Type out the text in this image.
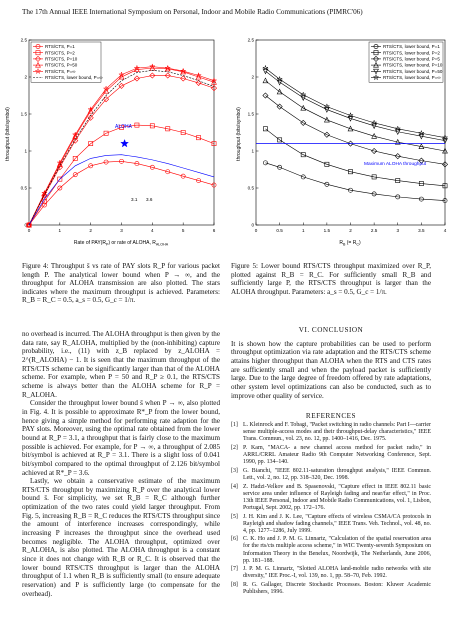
The 17th Annual IEEE International Symposium on Personal, Indoor and Mobile Radio Communications (PIMRC'06)
0	1	2	3	4	5	6
0
0.5
1
1.5
2
2.5
RTS/CTS, P=1
RTS/CTS, P=2
RTS/CTS, P=10
RTS/CTS, P=50
RTS/CTS, P=∞
RTS/CTS, lower bound, P=∞
throughput (bits/symbol)
Rate of $PAY(R_P)$ or rate of ALOHA, $R_{ALOHA}$
ALOHA
3.1 3.6
0	0.5	1	1.5	2	2.5	3	3.5	4
0
0.5
1
1.5
2
2.5
RTS/CTS, lower bound, P=1
RTS/CTS, lower bound, P=2
RTS/CTS, lower bound, P=5
RTS/CTS, lower bound, P=10
RTS/CTS, lower bound, P=50
RTS/CTS, lower bound, P=∞
throughput (bits/symbol)
$R_B$ (= $R_C$)
Maximum ALOHA throughput
Figure 4: Throughput s̄ vs rate of PAY slots R_P for various packet length P. The analytical lower bound when P → ∞, and the throughput for ALOHA transmission are also plotted. The stars indicates where the maximum throughput is achieved. Parameters: R_B = R_C = 0.5, a_s = 0.5, G_c = 1/π.
Figure 5: Lower bound RTS/CTS throughput maximized over R_P, plotted against R_B = R_C. For sufficiently small R_B and sufficiently large P, the RTS/CTS throughput is larger than the ALOHA throughput. Parameters: a_s = 0.5, G_c = 1/π.

no overhead is incurred. The ALOHA throughput is then given by the data rate, say R_ALOHA, multiplied by the (non-inhibiting) capture probability, i.e., (11) with z_B replaced by z_ALOHA = 2^(R_ALOHA) − 1. It is seen that the maximum throughput of the RTS/CTS scheme can be significantly larger than that of the ALOHA scheme. For example, when P = 50 and R_P ≥ 0.1, the RTS/CTS scheme is always better than the ALOHA scheme for R_P = R_ALOHA.

Consider the throughput lower bound s̄ when P → ∞, also plotted in Fig. 4. It is possible to approximate R*_P from the lower bound, hence giving a simple method for performing rate adaption for the PAY slots. Moreover, using the optimal rate obtained from the lower bound at R_P = 3.1, a throughput that is fairly close to the maximum possible is achieved. For example, for P → ∞, a throughput of 2.085 bit/symbol is achieved at R_P = 3.1. There is a slight loss of 0.041 bit/symbol compared to the optimal throughput of 2.126 bit/symbol achieved at R*_P = 3.6.

Lastly, we obtain a conservative estimate of the maximum RTS/CTS throughput by maximizing R_P over the analytical lower bound s̄. For simplicity, we set R_B = R_C although further optimization of the two rates could yield larger throughput. From Fig. 5, increasing R_B = R_C reduces the RTS/CTS throughput since the amount of interference increases correspondingly, while increasing P increases the throughput since the overhead used becomes negligible. The ALOHA throughput, optimized over R_ALOHA, is also plotted. The ALOHA throughput is a constant since it does not change with R_B or R_C. It is observed that the lower bound RTS/CTS throughput is larger than the ALOHA throughput of 1.1 when R_B is sufficiently small (to ensure adequate reservation) and P is sufficiently large (to compensate for the overhead).

VI. CONCLUSION

It is shown how the capture probabilities can be used to perform throughput optimization via rate adaptation and the RTS/CTS scheme attains higher throughput than ALOHA when the RTS and CTS rates are sufficiently small and when the payload packet is sufficiently large. Due to the large degree of freedom offered by rate adaptations, other system level optimizations can also be conducted, such as to improve other quality of service.

REFERENCES
[1] L. Kleinrock and F. Tobagi, "Packet switching in radio channels: Part I—carrier sense multiple-access modes and their throughput-delay characteristics," IEEE Trans. Commun., vol. 23, no. 12, pp. 1400–1416, Dec. 1975.
[2] P. Karn, "MACA- a new channel access method for packet radio," in ARRL/CRRL Amateur Radio 9th Computer Networking Conference, Sept. 1990, pp. 134–140.
[3] G. Bianchi, "IEEE 802.11-saturation throughput analysis," IEEE Commun. Lett., vol. 2, no. 12, pp. 318–320, Dec. 1998.
[4] Z. Hadzi-Velkov and B. Spasenovski, "Capture effect in IEEE 802.11 basic service area under influence of Rayleigh fading and near/far effect," in Proc. 13th IEEE Personal, Indoor and Mobile Radio Communications, vol. 1, Lisbon, Portugal, Sept. 2002, pp. 172–176.
[5] J. H. Kim and J. K. Lee, "Capture effects of wireless CSMA/CA protocols in Rayleigh and shadow fading channels," IEEE Trans. Veh. Technol., vol. 48, no. 4, pp. 1277–1286, July 1999.
[6] C. K. Ho and J. P. M. G. Linnartz, "Calculation of the spatial reservation area for the rts/cts multiple access scheme," in WIC Twenty-seventh Symposium on Information Theory in the Benelux, Noordwijk, The Netherlands, June 2006, pp. 181–188.
[7] J. P. M. G. Linnartz, "Slotted ALOHA land-mobile radio networks with site diversity," IEE Proc.-I, vol. 139, no. 1, pp. 58–70, Feb. 1992.
[8] R. G. Gallager, Discrete Stochastic Processes. Boston: Kluwer Academic Publishers, 1996.
